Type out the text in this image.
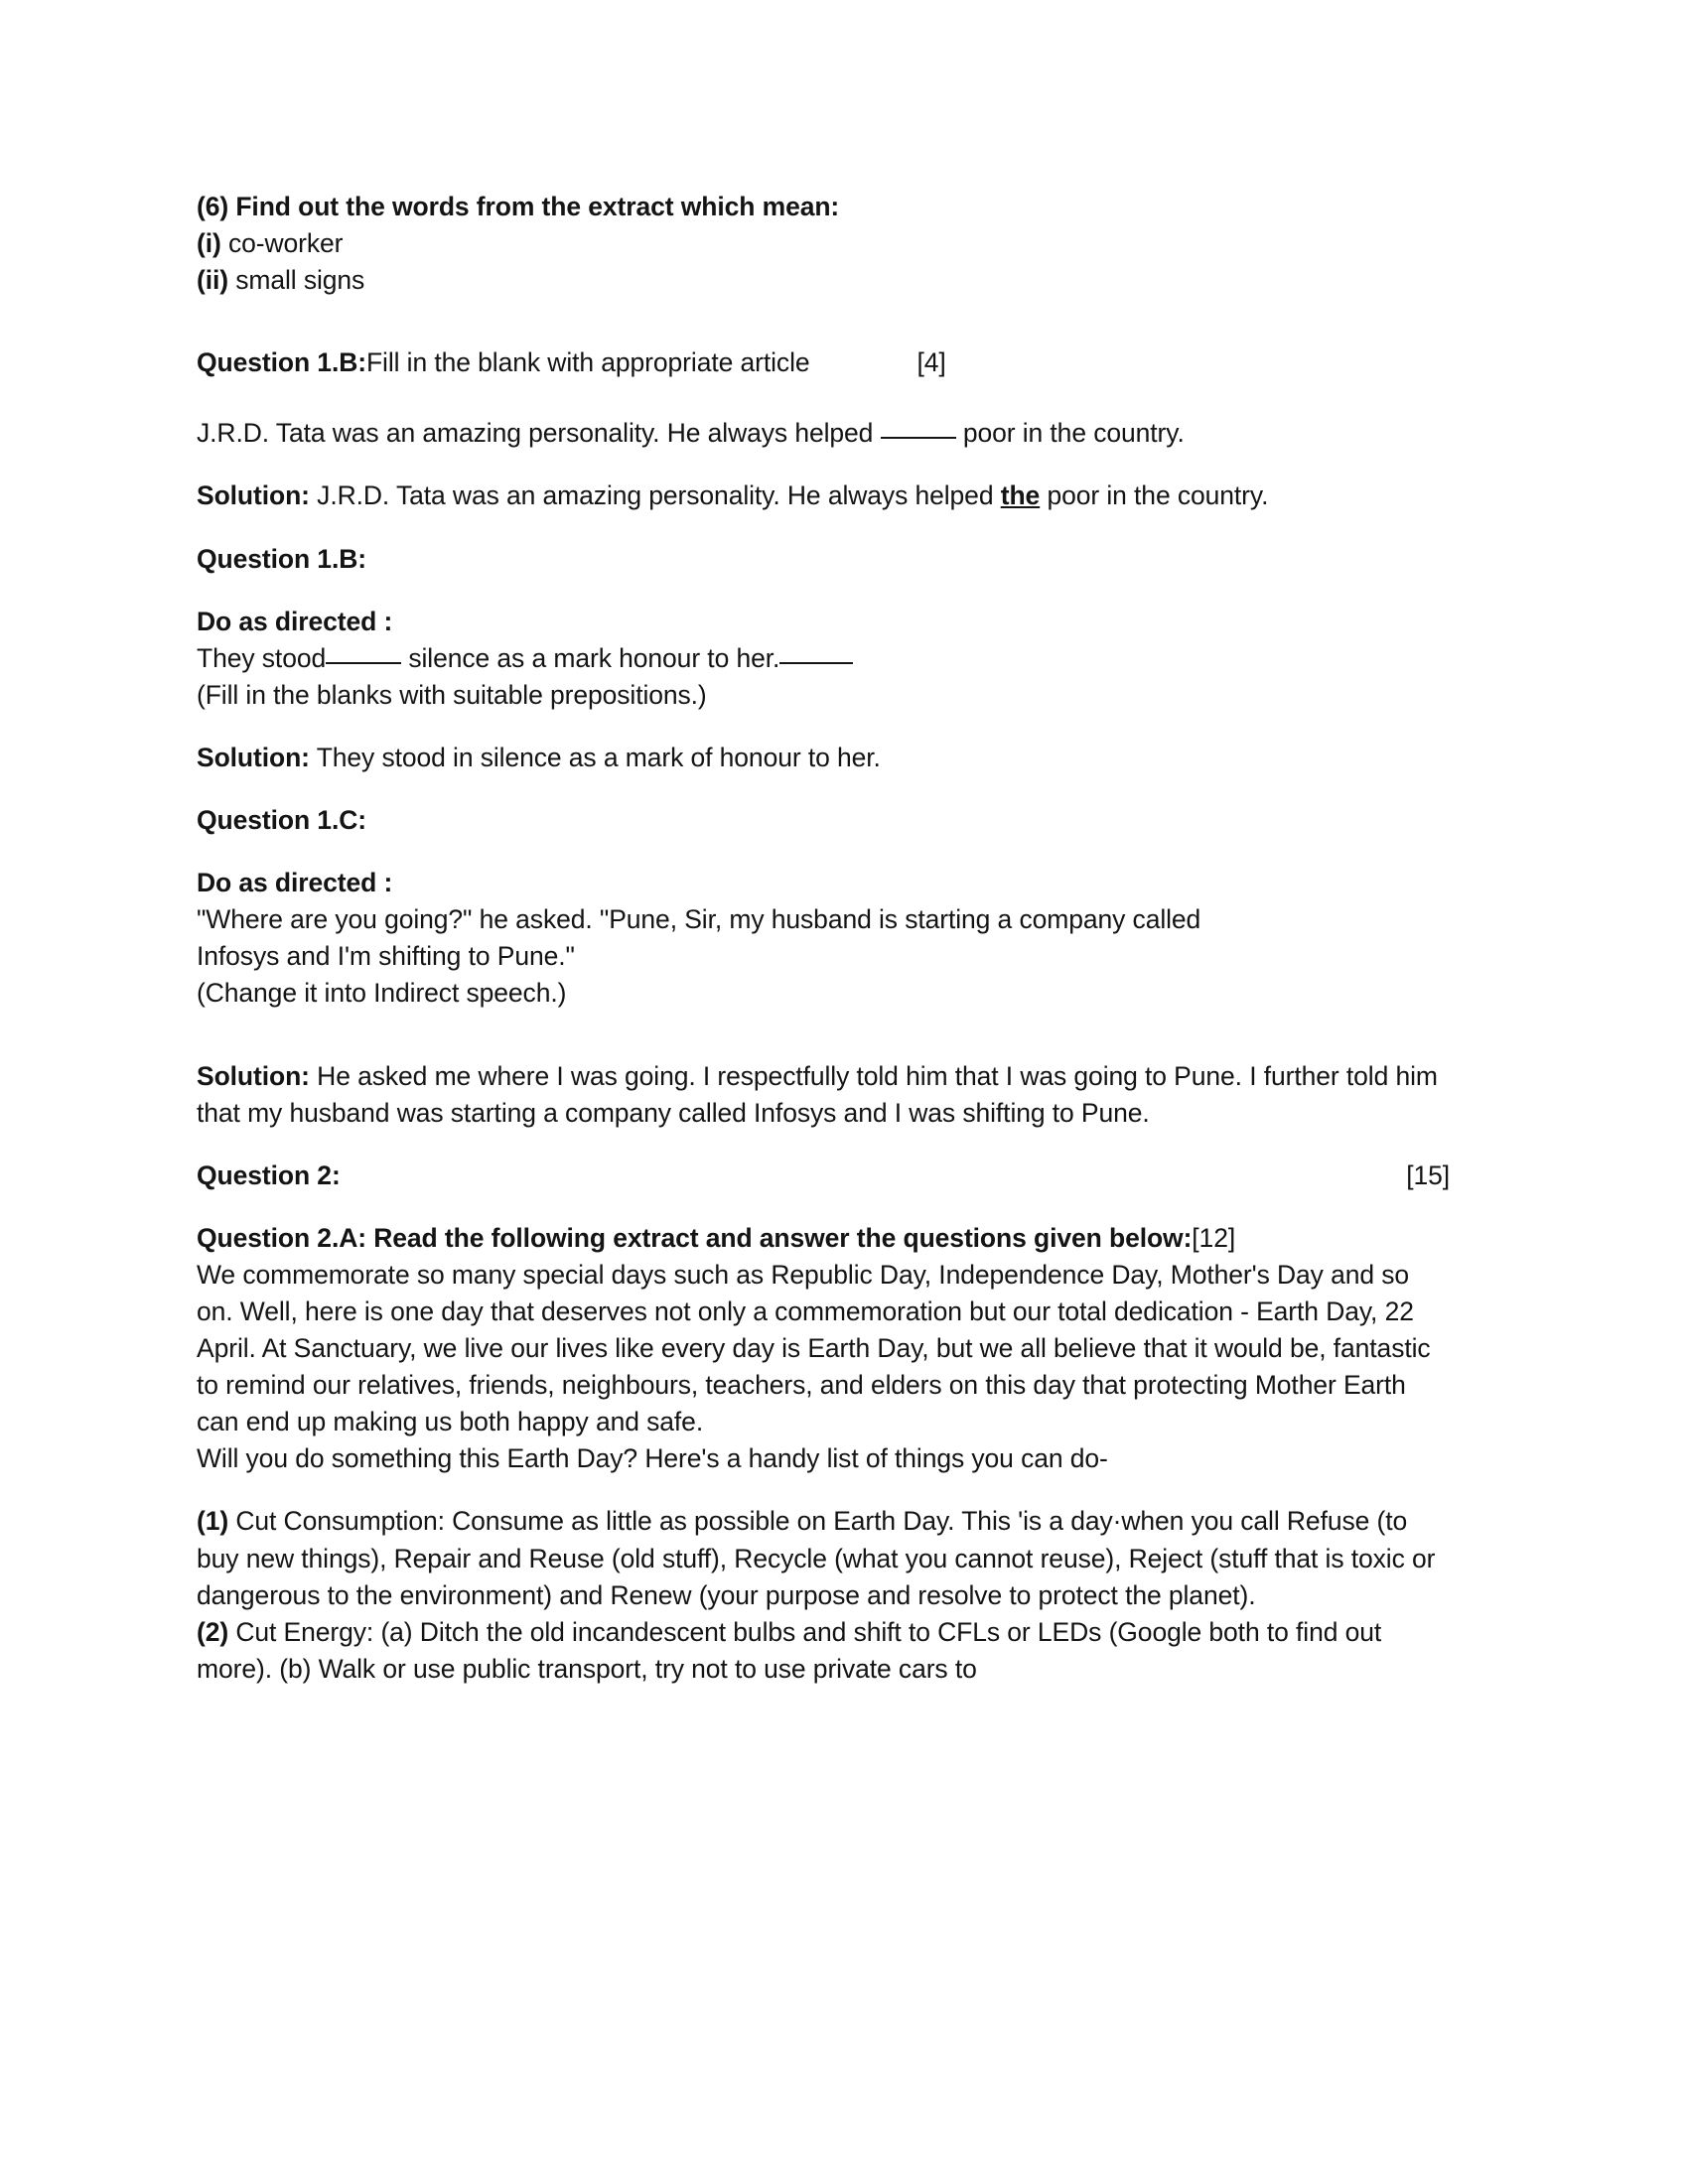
(6) Find out the words from the extract which mean:
(i) co-worker
(ii) small signs
Question 1.B: Fill in the blank with appropriate article	[4]
J.R.D. Tata was an amazing personality. He always helped	poor in the country.
Solution: J.R.D. Tata was an amazing personality. He always helped the poor in the country.
Question 1.B:
Do as directed :
They stood	silence as a mark honour to her.
(Fill in the blanks with suitable prepositions.)
Solution: They stood in silence as a mark of honour to her.
Question 1.C:
Do as directed :
"Where are you going?" he asked. "Pune, Sir, my husband is starting a company called
Infosys and I'm shifting to Pune."
(Change it into Indirect speech.)
Solution: He asked me where I was going. I respectfully told him that I was going to Pune. I further told him that my husband was starting a company called Infosys and I was shifting to Pune.
Question 2:	[15]
Question 2.A: Read the following extract and answer the questions given below:[12]
We commemorate so many special days such as Republic Day, Independence Day, Mother's Day and so on. Well, here is one day that deserves not only a commemoration but our total dedication - Earth Day, 22 April. At Sanctuary, we live our lives like every day is Earth Day, but we all believe that it would be, fantastic to remind our relatives, friends, neighbours, teachers, and elders on this day that protecting Mother Earth can end up making us both happy and safe.
Will you do something this Earth Day? Here's a handy list of things you can do-
(1) Cut Consumption: Consume as little as possible on Earth Day. This 'is a day·when you call Refuse (to buy new things), Repair and Reuse (old stuff), Recycle (what you cannot reuse), Reject (stuff that is toxic or dangerous to the environment) and Renew (your purpose and resolve to protect the planet).
(2) Cut Energy: (a) Ditch the old incandescent bulbs and shift to CFLs or LEDs (Google both to find out more). (b) Walk or use public transport, try not to use private cars to
